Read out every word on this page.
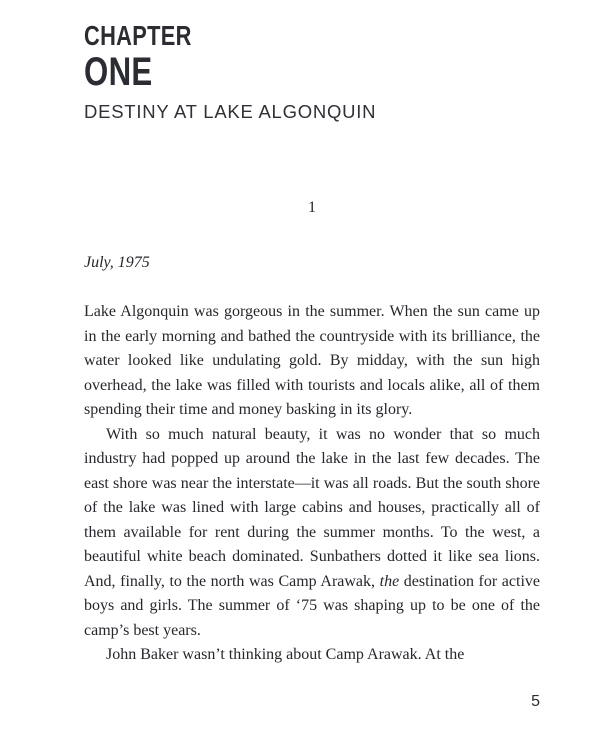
CHAPTER
ONE
DESTINY AT LAKE ALGONQUIN

1

July, 1975

Lake Algonquin was gorgeous in the summer. When the sun came up in the early morning and bathed the countryside with its brilliance, the water looked like undulating gold. By midday, with the sun high overhead, the lake was filled with tourists and locals alike, all of them spending their time and money basking in its glory.

With so much natural beauty, it was no wonder that so much industry had popped up around the lake in the last few decades. The east shore was near the interstate—it was all roads. But the south shore of the lake was lined with large cabins and houses, practically all of them available for rent during the summer months. To the west, a beautiful white beach dominated. Sunbathers dotted it like sea lions. And, finally, to the north was Camp Arawak, the destination for active boys and girls. The summer of ‘75 was shaping up to be one of the camp’s best years.

John Baker wasn’t thinking about Camp Arawak. At the

5
